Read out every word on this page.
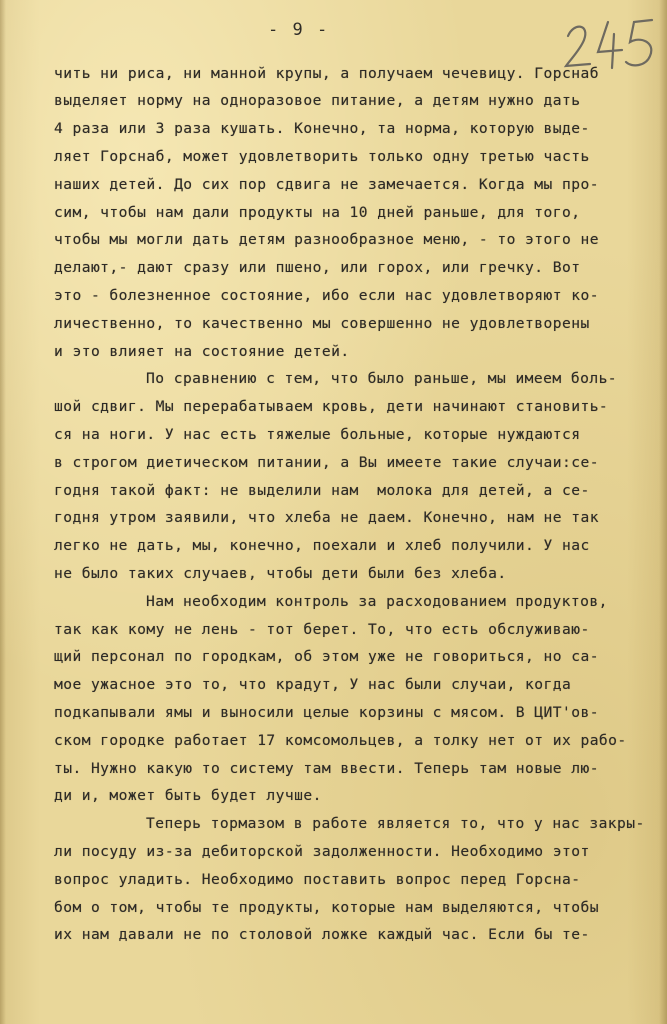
- 9 -
чить ни риса, ни манной крупы, а получаем чечевицу. Горснаб
выделяет норму на одноразовое питание, а детям нужно дать
4 раза или 3 раза кушать. Конечно, та норма, которую выде-
ляет Горснаб, может удовлетворить только одну третью часть
наших детей. До сих пор сдвига не замечается. Когда мы про-
сим, чтобы нам дали продукты на 10 дней раньше, для того,
чтобы мы могли дать детям разнообразное меню, - то этого не
делают,- дают сразу или пшено, или горох, или гречку. Вот
это - болезненное состояние, ибо если нас удовлетворяют ко-
личественно, то качественно мы совершенно не удовлетворены
и это влияет на состояние детей.
По сравнению с тем, что было раньше, мы имеем боль-
шой сдвиг. Мы перерабатываем кровь, дети начинают становить-
ся на ноги. У нас есть тяжелые больные, которые нуждаются
в строгом диетическом питании, а Вы имеете такие случаи:се-
годня такой факт: не выделили нам  молока для детей, а се-
годня утром заявили, что хлеба не даем. Конечно, нам не так
легко не дать, мы, конечно, поехали и хлеб получили. У нас
не было таких случаев, чтобы дети были без хлеба.
Нам необходим контроль за расходованием продуктов,
так как кому не лень - тот берет. То, что есть обслуживаю-
щий персонал по городкам, об этом уже не говориться, но са-
мое ужасное это то, что крадут, У нас были случаи, когда
подкапывали ямы и выносили целые корзины с мясом. В ЦИТ'ов-
ском городке работает 17 комсомольцев, а толку нет от их рабо-
ты. Нужно какую то систему там ввести. Теперь там новые лю-
ди и, может быть будет лучше.
Теперь тормазом в работе является то, что у нас закры-
ли посуду из-за дебиторской задолженности. Необходимо этот
вопрос уладить. Необходимо поставить вопрос перед Горсна-
бом о том, чтобы те продукты, которые нам выделяются, чтобы
их нам давали не по столовой ложке каждый час. Если бы те-
